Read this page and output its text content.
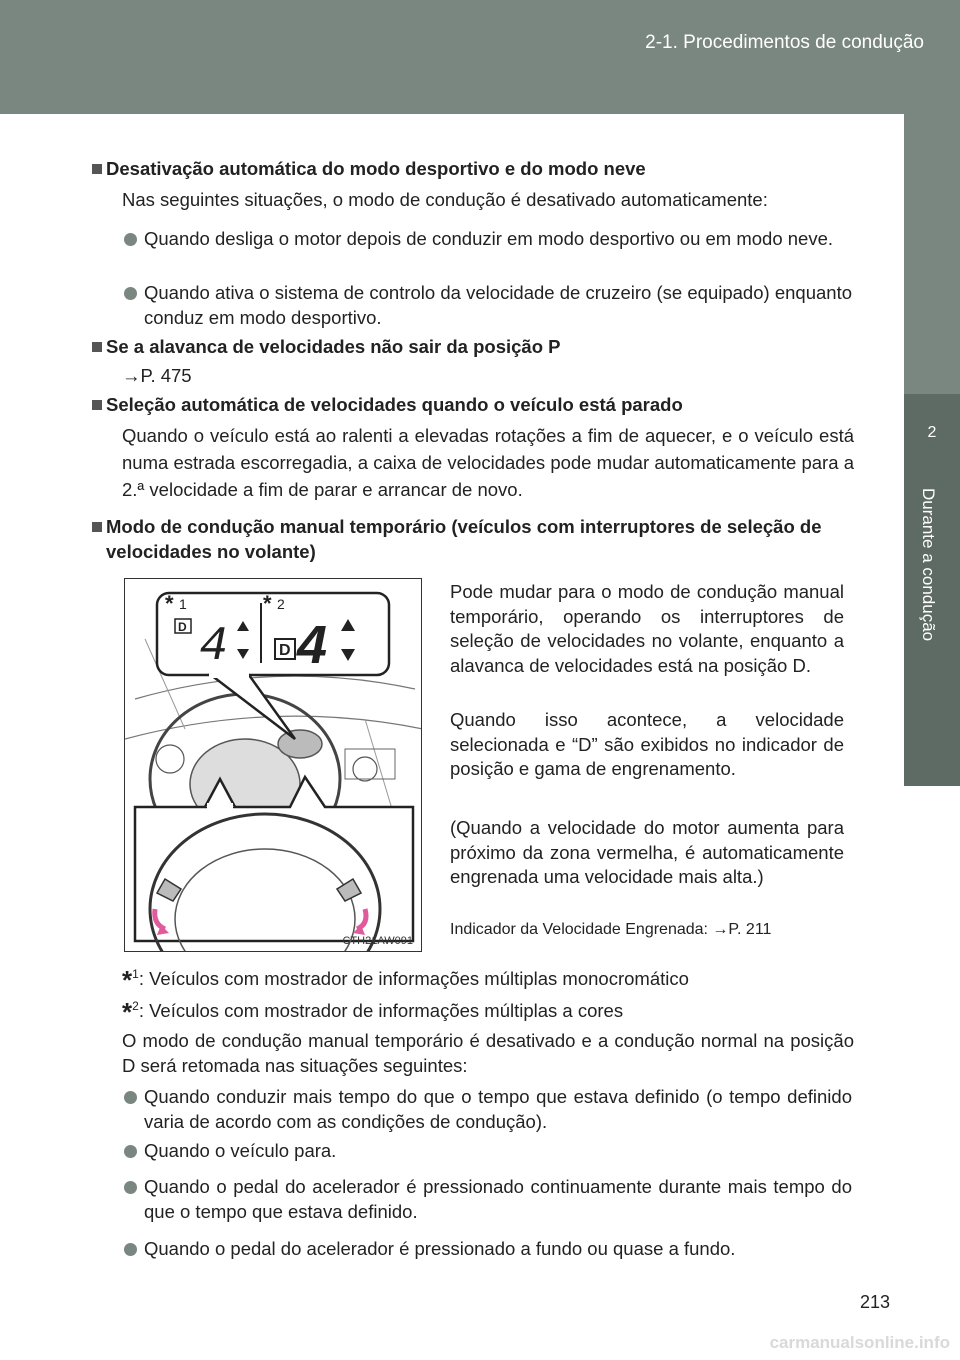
2-1. Procedimentos de condução
2
Durante a condução
Desativação automática do modo desportivo e do modo neve
Nas seguintes situações, o modo de condução é desativado automaticamente:
Quando desliga o motor depois de conduzir em modo desportivo ou em modo neve.
Quando ativa o sistema de controlo da velocidade de cruzeiro (se equipado) enquanto conduz em modo desportivo.
Se a alavanca de velocidades não sair da posição P
→P. 475
Seleção automática de velocidades quando o veículo está parado
Quando o veículo está ao ralenti a elevadas rotações a fim de aquecer, e o veículo está numa estrada escorregadia, a caixa de velocidades pode mudar automaticamente para a 2.ª velocidade a fim de parar e arrancar de novo.
Modo de condução manual temporário (veículos com interruptores de seleção de velocidades no volante)
* 1	* 2
D 4	D 4
CTH21AW091
Pode mudar para o modo de condução manual temporário, operando os interruptores de seleção de velocidades no volante, enquanto a alavanca de velocidades está na posição D.
Quando isso acontece, a velocidade selecionada e “D” são exibidos no indicador de posição e gama de engrenamento.
(Quando a velocidade do motor aumenta para próximo da zona vermelha, é automaticamente engrenada uma velocidade mais alta.)
Indicador da Velocidade Engrenada: →P. 211
*$^1$: Veículos com mostrador de informações múltiplas monocromático
*$^2$: Veículos com mostrador de informações múltiplas a cores
O modo de condução manual temporário é desativado e a condução normal na posição D será retomada nas situações seguintes:
Quando conduzir mais tempo do que o tempo que estava definido (o tempo definido varia de acordo com as condições de condução).
Quando o veículo para.
Quando o pedal do acelerador é pressionado continuamente durante mais tempo do que o tempo que estava definido.
Quando o pedal do acelerador é pressionado a fundo ou quase a fundo.
213
carmanualsonline.info
